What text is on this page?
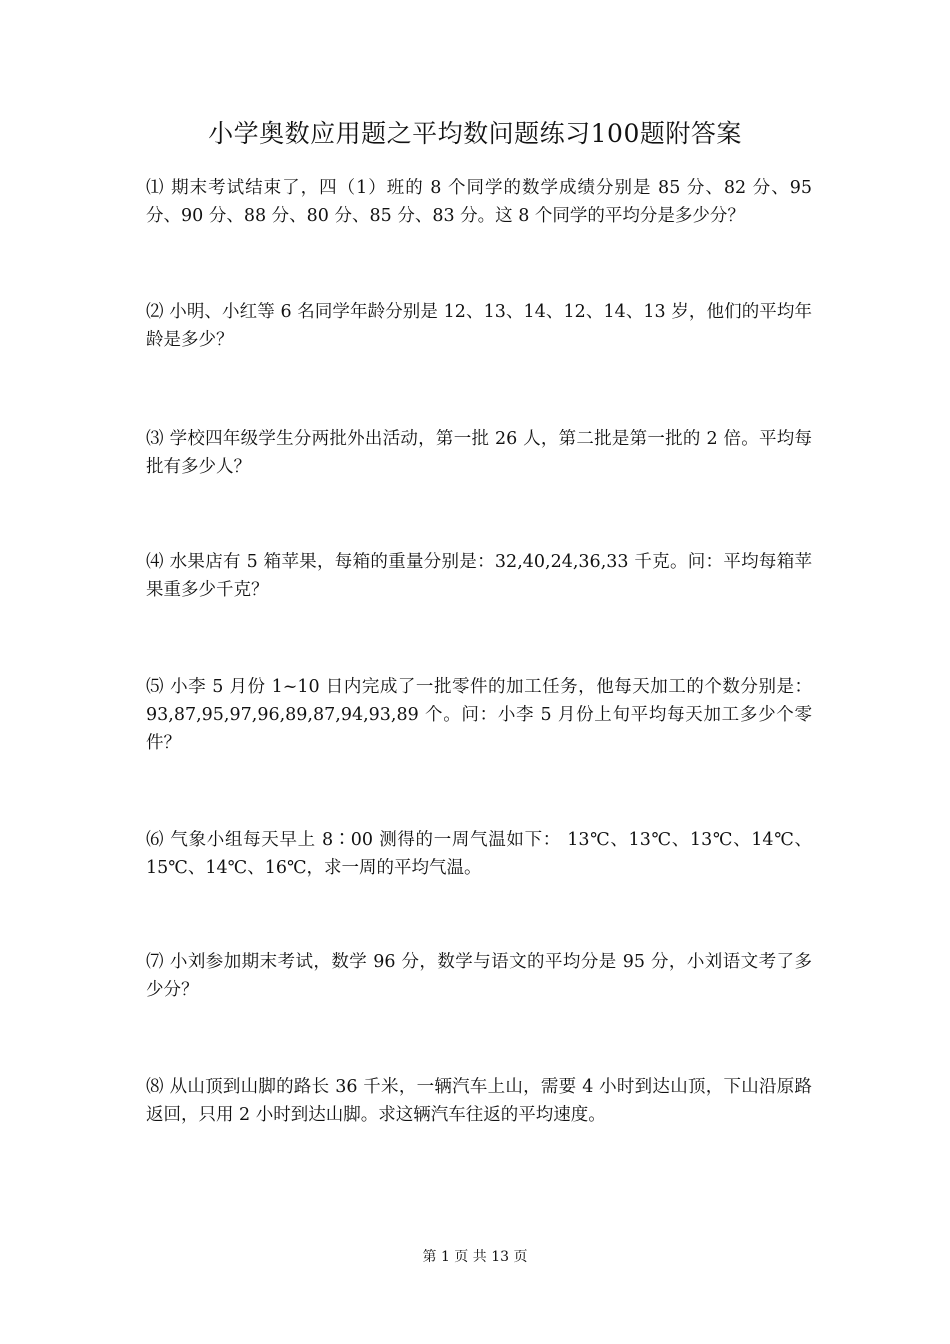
小学奥数应用题之平均数问题练习100题附答案
⑴ 期末考试结束了，四（1）班的 8 个同学的数学成绩分别是 85 分、82 分、95 分、90 分、88 分、80 分、85 分、83 分。这 8 个同学的平均分是多少分？
⑵ 小明、小红等 6 名同学年龄分别是 12、13、14、12、14、13 岁，他们的平均年龄是多少？
⑶ 学校四年级学生分两批外出活动，第一批 26 人，第二批是第一批的 2 倍。平均每批有多少人？
⑷ 水果店有 5 箱苹果，每箱的重量分别是：32,40,24,36,33 千克。问：平均每箱苹果重多少千克？
⑸ 小李 5 月份 1~10 日内完成了一批零件的加工任务，他每天加工的个数分别是：93,87,95,97,96,89,87,94,93,89 个。问：小李 5 月份上旬平均每天加工多少个零件？
⑹ 气象小组每天早上 8∶00 测得的一周气温如下： 13℃、13℃、13℃、14℃、15℃、14℃、16℃，求一周的平均气温。
⑺ 小刘参加期末考试，数学 96 分，数学与语文的平均分是 95 分，小刘语文考了多少分？
⑻ 从山顶到山脚的路长 36 千米，一辆汽车上山，需要 4 小时到达山顶，下山沿原路返回，只用 2 小时到达山脚。求这辆汽车往返的平均速度。
第 1 页 共 13 页
